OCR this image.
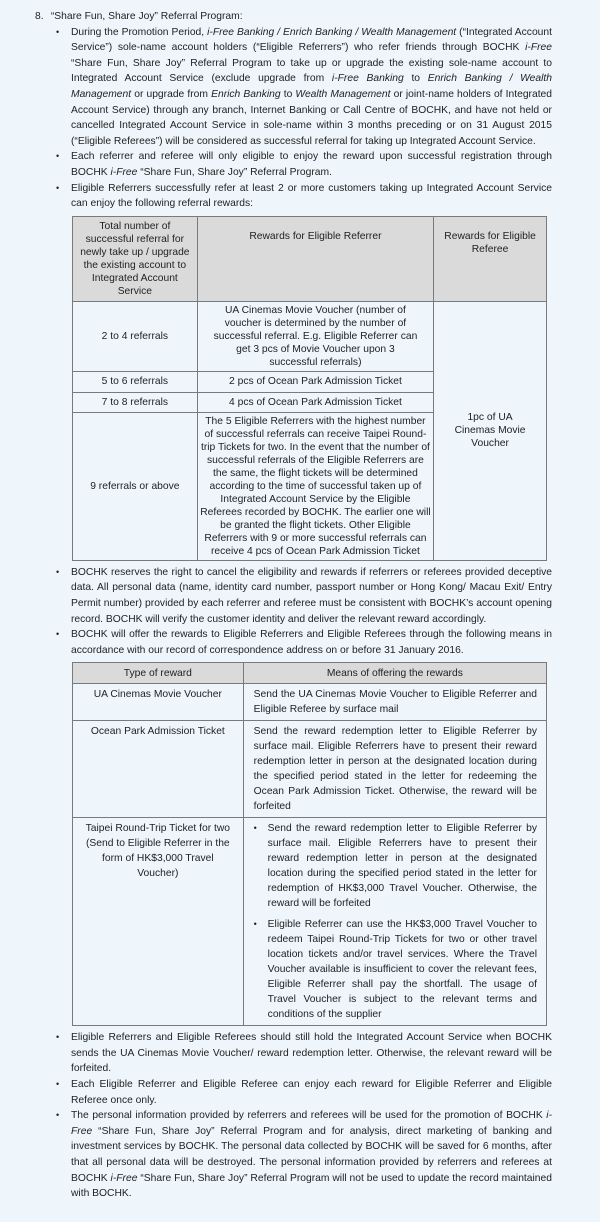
8. “Share Fun, Share Joy” Referral Program:
• During the Promotion Period, i-Free Banking / Enrich Banking / Wealth Management (“Integrated Account Service”) sole-name account holders (“Eligible Referrers”) who refer friends through BOCHK i-Free “Share Fun, Share Joy” Referral Program to take up or upgrade the existing sole-name account to Integrated Account Service (exclude upgrade from i-Free Banking to Enrich Banking / Wealth Management or upgrade from Enrich Banking to Wealth Management or joint-name holders of Integrated Account Service) through any branch, Internet Banking or Call Centre of BOCHK, and have not held or cancelled Integrated Account Service in sole-name within 3 months preceding or on 31 August 2015 (“Eligible Referees”) will be considered as successful referral for taking up Integrated Account Service.
• Each referrer and referee will only eligible to enjoy the reward upon successful registration through BOCHK i-Free “Share Fun, Share Joy” Referral Program.
• Eligible Referrers successfully refer at least 2 or more customers taking up Integrated Account Service can enjoy the following referral rewards:
Total number of successful referral for newly take up / upgrade the existing account to Integrated Account Service	Rewards for Eligible Referrer	Rewards for Eligible Referee
2 to 4 referrals	UA Cinemas Movie Voucher (number of voucher is determined by the number of successful referral. E.g. Eligible Referrer can get 3 pcs of Movie Voucher upon 3 successful referrals)	1pc of UA Cinemas Movie Voucher
5 to 6 referrals	2 pcs of Ocean Park Admission Ticket	
7 to 8 referrals	4 pcs of Ocean Park Admission Ticket	
9 referrals or above	The 5 Eligible Referrers with the highest number of successful referrals can receive Taipei Round-trip Tickets for two. In the event that the number of successful referrals of the Eligible Referrers are the same, the flight tickets will be determined according to the time of successful taken up of Integrated Account Service by the Eligible Referees recorded by BOCHK. The earlier one will be granted the flight tickets. Other Eligible Referrers with 9 or more successful referrals can receive 4 pcs of Ocean Park Admission Ticket	
• BOCHK reserves the right to cancel the eligibility and rewards if referrers or referees provided deceptive data. All personal data (name, identity card number, passport number or Hong Kong/ Macau Exit/ Entry Permit number) provided by each referrer and referee must be consistent with BOCHK’s account opening record. BOCHK will verify the customer identity and deliver the relevant reward accordingly.
• BOCHK will offer the rewards to Eligible Referrers and Eligible Referees through the following means in accordance with our record of correspondence address on or before 31 January 2016.
Type of reward	Means of offering the rewards
UA Cinemas Movie Voucher	Send the UA Cinemas Movie Voucher to Eligible Referrer and Eligible Referee by surface mail
Ocean Park Admission Ticket	Send the reward redemption letter to Eligible Referrer by surface mail. Eligible Referrers have to present their reward redemption letter in person at the designated location during the specified period stated in the letter for redeeming the Ocean Park Admission Ticket. Otherwise, the reward will be forfeited
Taipei Round-Trip Ticket for two (Send to Eligible Referrer in the form of HK$3,000 Travel Voucher)	• Send the reward redemption letter to Eligible Referrer by surface mail. Eligible Referrers have to present their reward redemption letter in person at the designated location during the specified period stated in the letter for redemption of HK$3,000 Travel Voucher. Otherwise, the reward will be forfeited
• Eligible Referrer can use the HK$3,000 Travel Voucher to redeem Taipei Round-Trip Tickets for two or other travel location tickets and/or travel services. Where the Travel Voucher available is insufficient to cover the relevant fees, Eligible Referrer shall pay the shortfall. The usage of Travel Voucher is subject to the relevant terms and conditions of the supplier
• Eligible Referrers and Eligible Referees should still hold the Integrated Account Service when BOCHK sends the UA Cinemas Movie Voucher/ reward redemption letter. Otherwise, the relevant reward will be forfeited.
• Each Eligible Referrer and Eligible Referee can enjoy each reward for Eligible Referrer and Eligible Referee once only.
• The personal information provided by referrers and referees will be used for the promotion of BOCHK i-Free “Share Fun, Share Joy” Referral Program and for analysis, direct marketing of banking and investment services by BOCHK. The personal data collected by BOCHK will be saved for 6 months, after that all personal data will be destroyed. The personal information provided by referrers and referees at BOCHK i-Free “Share Fun, Share Joy” Referral Program will not be used to update the record maintained with BOCHK.
